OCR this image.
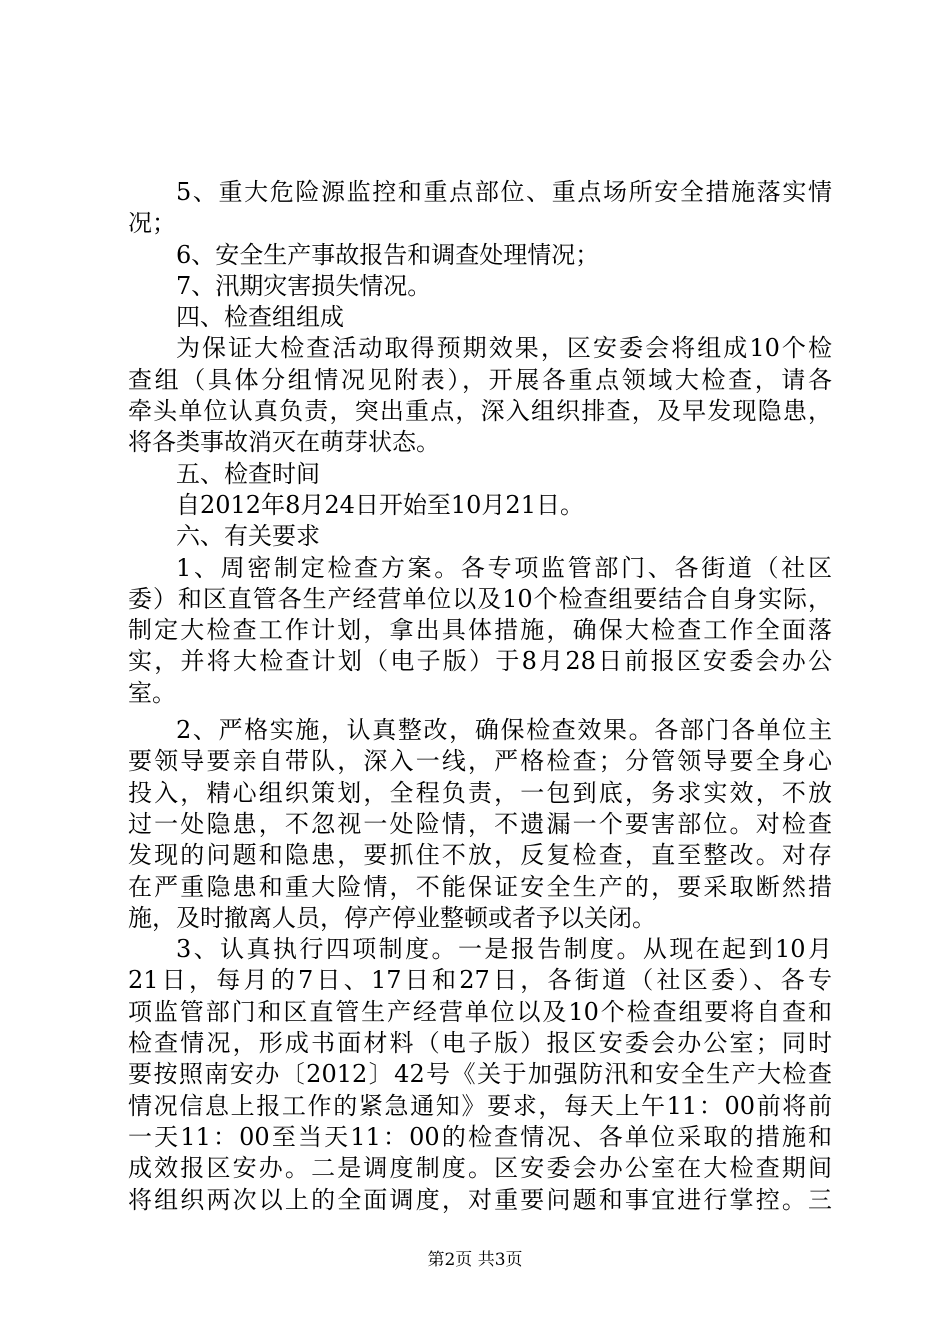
5、重大危险源监控和重点部位、重点场所安全措施落实情
况；
6、安全生产事故报告和调查处理情况；
7、汛期灾害损失情况。
四、检查组组成
为保证大检查活动取得预期效果，区安委会将组成10个检
查组（具体分组情况见附表），开展各重点领域大检查，请各
牵头单位认真负责，突出重点，深入组织排查，及早发现隐患，
将各类事故消灭在萌芽状态。
五、检查时间
自2012年8月24日开始至10月21日。
六、有关要求
1、周密制定检查方案。各专项监管部门、各街道（社区
委）和区直管各生产经营单位以及10个检查组要结合自身实际，
制定大检查工作计划，拿出具体措施，确保大检查工作全面落
实，并将大检查计划（电子版）于8月28日前报区安委会办公
室。
2、严格实施，认真整改，确保检查效果。各部门各单位主
要领导要亲自带队，深入一线，严格检查；分管领导要全身心
投入，精心组织策划，全程负责，一包到底，务求实效，不放
过一处隐患，不忽视一处险情，不遗漏一个要害部位。对检查
发现的问题和隐患，要抓住不放，反复检查，直至整改。对存
在严重隐患和重大险情，不能保证安全生产的，要采取断然措
施，及时撤离人员，停产停业整顿或者予以关闭。
3、认真执行四项制度。一是报告制度。从现在起到10月
21日，每月的7日、17日和27日，各街道（社区委）、各专
项监管部门和区直管生产经营单位以及10个检查组要将自查和
检查情况，形成书面材料（电子版）报区安委会办公室；同时
要按照南安办〔2012〕42号《关于加强防汛和安全生产大检查
情况信息上报工作的紧急通知》要求，每天上午11：00前将前
一天11：00至当天11：00的检查情况、各单位采取的措施和
成效报区安办。二是调度制度。区安委会办公室在大检查期间
将组织两次以上的全面调度，对重要问题和事宜进行掌控。三
第2页 共3页
